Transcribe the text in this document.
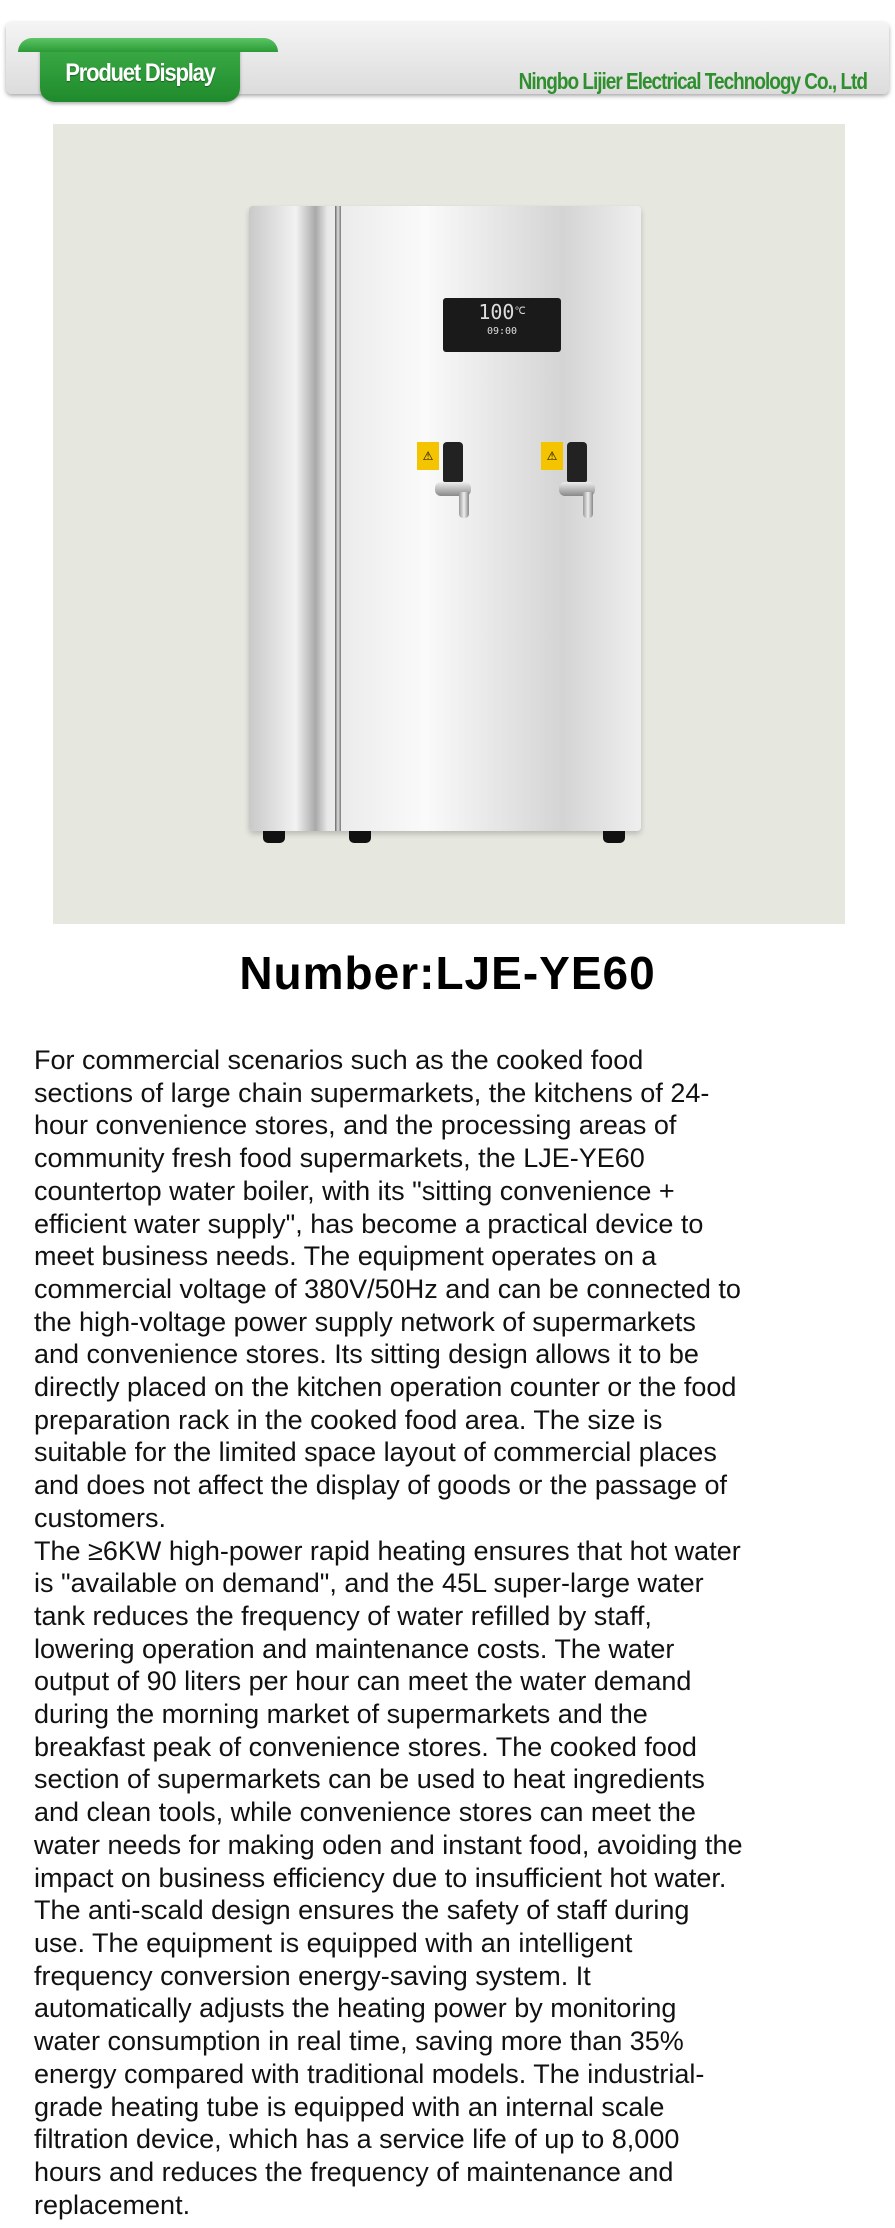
Produet Display	Ningbo Lijier Electrical Technology Co., Ltd
100℃
09:00
⚠	⚠
Number:LJE-YE60
For commercial scenarios such as the cooked food
sections of large chain supermarkets, the kitchens of 24-
hour convenience stores, and the processing areas of
community fresh food supermarkets, the LJE-YE60
countertop water boiler, with its "sitting convenience +
efficient water supply", has become a practical device to
meet business needs. The equipment operates on a
commercial voltage of 380V/50Hz and can be connected to
the high-voltage power supply network of supermarkets
and convenience stores. Its sitting design allows it to be
directly placed on the kitchen operation counter or the food
preparation rack in the cooked food area. The size is
suitable for the limited space layout of commercial places
and does not affect the display of goods or the passage of
customers.
The ≥6KW high-power rapid heating ensures that hot water
is "available on demand", and the 45L super-large water
tank reduces the frequency of water refilled by staff,
lowering operation and maintenance costs. The water
output of 90 liters per hour can meet the water demand
during the morning market of supermarkets and the
breakfast peak of convenience stores. The cooked food
section of supermarkets can be used to heat ingredients
and clean tools, while convenience stores can meet the
water needs for making oden and instant food, avoiding the
impact on business efficiency due to insufficient hot water.
The anti-scald design ensures the safety of staff during
use. The equipment is equipped with an intelligent
frequency conversion energy-saving system. It
automatically adjusts the heating power by monitoring
water consumption in real time, saving more than 35%
energy compared with traditional models. The industrial-
grade heating tube is equipped with an internal scale
filtration device, which has a service life of up to 8,000
hours and reduces the frequency of maintenance and
replacement.
